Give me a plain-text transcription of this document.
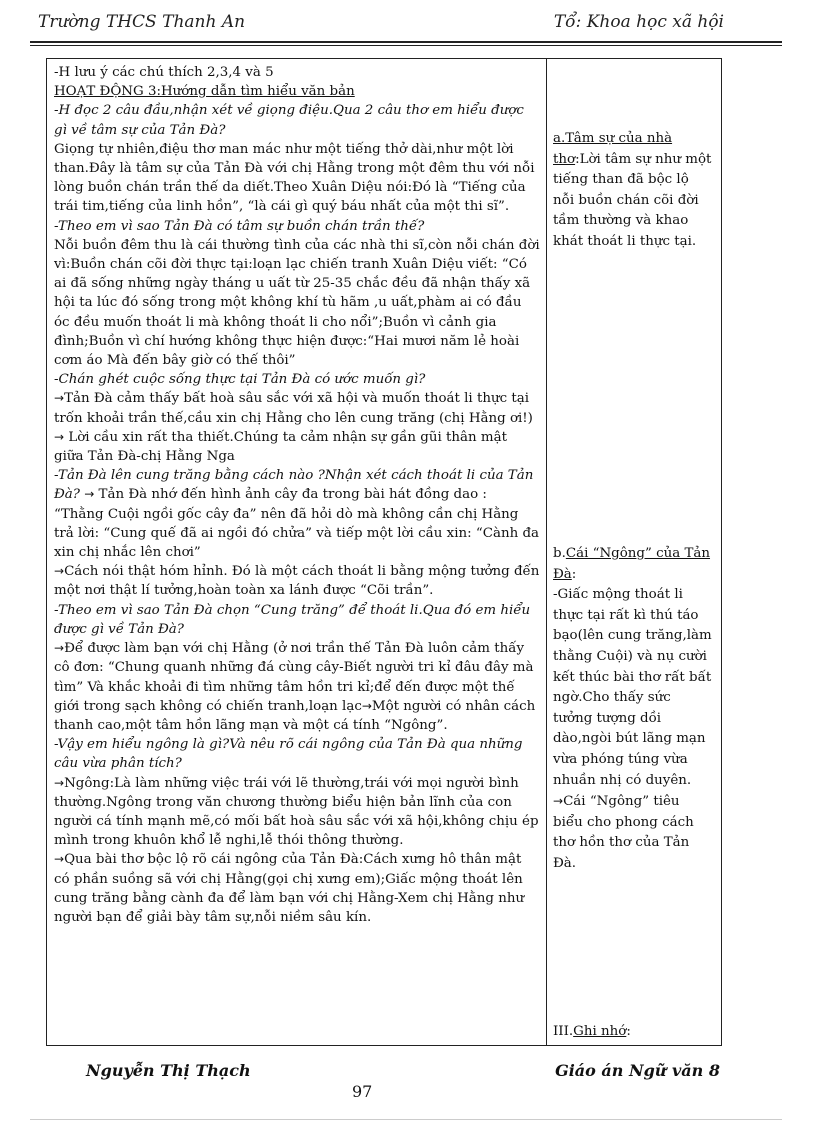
Trường THCS Thanh An	Tổ: Khoa học xã hội

-H lưu ý các chú thích 2,3,4 và 5

HOẠT ĐỘNG 3:Hướng dẫn tìm hiểu văn bản

-H đọc 2 câu đầu,nhận xét về giọng điệu.Qua 2 câu thơ em hiểu được gì về tâm sự của Tản Đà?

Giọng tự nhiên,điệu thơ man mác như một tiếng thở dài,như một lời than.Đây là tâm sự của Tản Đà với chị Hằng trong một đêm thu với nỗi lòng buồn chán trần thế da diết.Theo Xuân Diệu nói:Đó là “Tiếng của trái tim,tiếng của linh hồn”, “là cái gì quý báu nhất của một thi sĩ”.

-Theo em vì sao Tản Đà có tâm sự buồn chán trần thế?

Nỗi buồn đêm thu là cái thường tình của các nhà thi sĩ,còn nỗi chán đời vì:Buồn chán cõi đời thực tại:loạn lạc chiến tranh Xuân Diệu viết: “Có ai đã sống những ngày tháng u uất từ 25-35 chắc đều đã nhận thấy xã hội ta lúc đó sống trong một không khí tù hãm ,u uất,phàm ai có đầu óc đều muốn thoát li mà không thoát li cho nổi”;Buồn vì cảnh gia đình;Buồn vì chí hướng không thực hiện được:“Hai mươi năm lẻ hoài cơm áo Mà đến bây giờ có thế thôi”

-Chán ghét cuộc sống thực tại Tản Đà có ước muốn gì?

→Tản Đà cảm thấy bất hoà sâu sắc với xã hội và muốn thoát li thực tại trốn khoải trần thế,cầu xin chị Hằng cho lên cung trăng (chị Hằng ơi!) → Lời cầu xin rất tha thiết.Chúng ta cảm nhận sự gần gũi thân mật giữa Tản Đà-chị Hằng Nga

-Tản Đà lên cung trăng bằng cách nào ?Nhận xét cách thoát li của Tản Đà? → Tản Đà nhớ đến hình ảnh cây đa trong bài hát đồng dao : “Thằng Cuội ngồi gốc cây đa” nên đã hỏi dò mà không cần chị Hằng trả lời: “Cung quế đã ai ngồi đó chửa” và tiếp một lời cầu xin: “Cành đa xin chị nhắc lên chơi”

→Cách nói thật hóm hỉnh. Đó là một cách thoát li bằng mộng tưởng đến một nơi thật lí tưởng,hoàn toàn xa lánh được “Cõi trần”.

-Theo em vì sao Tản Đà chọn “Cung trăng” để thoát li.Qua đó em hiểu được gì về Tản Đà?

→Để được làm bạn với chị Hằng (ở nơi trần thế Tản Đà luôn cảm thấy cô đơn: “Chung quanh những đá cùng cây-Biết người tri kỉ đâu đây mà tìm” Và khắc khoải đi tìm những tâm hồn tri kỉ;để đến được một thế giới trong sạch không có chiến tranh,loạn lạc→Một người có nhân cách thanh cao,một tâm hồn lãng mạn và một cá tính “Ngông”.

-Vậy em hiểu ngông là gì?Và nêu rõ cái ngông của Tản Đà qua những câu vừa phân tích?

→Ngông:Là làm những việc trái với lẽ thường,trái với mọi người bình thường.Ngông trong văn chương thường biểu hiện bản lĩnh của con người cá tính mạnh mẽ,có mối bất hoà sâu sắc với xã hội,không chịu ép mình trong khuôn khổ lễ nghi,lễ thói thông thường.

→Qua bài thơ bộc lộ rõ cái ngông của Tản Đà:Cách xưng hô thân mật có phần suồng sã với chị Hằng(gọi chị xưng em);Giấc mộng thoát lên cung trăng bằng cành đa để làm bạn với chị Hằng-Xem chị Hằng như người bạn để giải bày tâm sự,nỗi niềm sâu kín.

a.Tâm sự của nhà thơ:Lời tâm sự như một tiếng than đã bộc lộ nỗi buồn chán cõi đời tầm thường và khao khát thoát li thực tại.
b.Cái “Ngông” của Tản Đà:
-Giấc mộng thoát li thực tại rất kì thú táo bạo(lên cung trăng,làm thằng Cuội) và nụ cười kết thúc bài thơ rất bất ngờ.Cho thấy sức tưởng tượng dồi dào,ngòi bút lãng mạn vừa phóng túng vừa nhuần nhị có duyên.
→Cái “Ngông” tiêu biểu cho phong cách thơ hồn thơ của Tản Đà.
III.Ghi nhớ:
Nguyễn Thị Thạch	Giáo án Ngữ văn 8
97
